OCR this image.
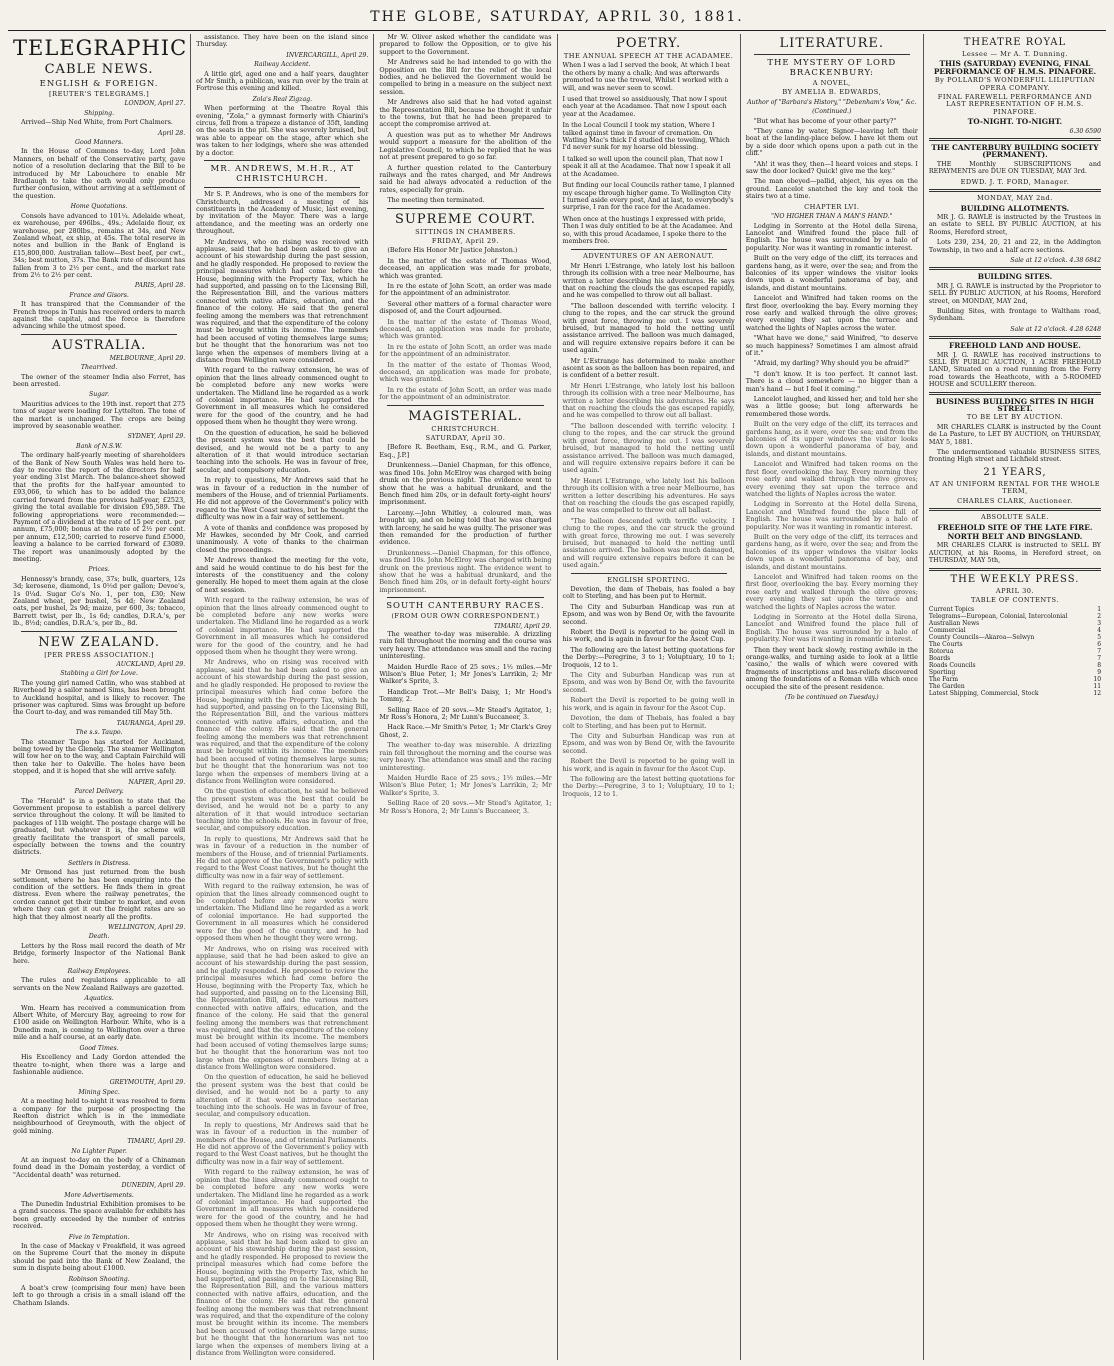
THE GLOBE, SATURDAY, APRIL 30, 1881.
TELEGRAPHIC
CABLE NEWS.
ENGLISH & FOREIGN.
[REUTER'S TELEGRAMS.]
LONDON, April 27.
Shipping.

Arrived—Ship Ned White, from Port Chalmers.

April 28.
Good Manners.

In the House of Commons to-day, Lord John Manners, on behalf of the Conservative party, gave notice of a resolution declaring that the Bill to be introduced by Mr Labouchere to enable Mr Bradlaugh to take the oath would only produce further confusion, without arriving at a settlement of the question.

Home Quotations.

Consols have advanced to 101¼. Adelaide wheat, ex warehouse, per 496lbs., 49s.; Adelaide flour, ex warehouse, per 280lbs., remains at 34s, and New Zealand wheat, ex ship, at 45s. The total reserve in notes and bullion in the Bank of England is £15,800,000. Australian tallow—Best beef, per cwt., 34s; best mutton, 37s. The Bank rate of discount has fallen from 3 to 2½ per cent., and the market rate from 2½ to 2½ per cent.

PARIS, April 28.
France and Gisors.

It has transpired that the Commander of the French troops in Tunis has received orders to march against the capital, and the force is therefore advancing while the utmost speed.

AUSTRALIA.
MELBOURNE, April 29.
Thearrived.

The owner of the steamer India also Ferret, has been arrested.

Sugar.

Mauritius advices to the 19th inst. report that 275 tons of sugar were loading for Lyttelton. The tone of the market is unchanged. The crops are being improved by seasonable weather.

SYDNEY, April 29.
Bank of N.S.W.

The ordinary half-yearly meeting of shareholders of the Bank of New South Wales was held here to-day to receive the report of the directors for half year ending 31st March. The balance-sheet showed that the profits for the half-year amounted to £93,066, to which has to be added the balance carried forward from the previous half-year, £2523, giving the total available for division £95,589. The following appropriations were recommended:—Payment of a dividend at the rate of 15 per cent. per annum, £75,000; bonus at the rate of 2½ per cent. per annum, £12,500; carried to reserve fund £5000, leaving a balance to be carried forward of £3089. The report was unanimously adopted by the meeting.

Prices.

Hennessy's brandy, case, 37s; bulk, quarters, 12s 3d; kerosene, diamond, 1s 0½d per gallon; Devoe's, 1s 0¼d. Sugar Co's No. 1, per ton, £30; New Zealand wheat, per bushel, 5s 4d; New Zealand oats, per bushel, 2s 9d; maize, per 600, 3s; tobacco, Barrett twist, per lb., 1s 6d; candles, D.R.A.'s, per lb., 8½d; candles, D.R.A.'s, per lb., 8d.

NEW ZEALAND.
[PER PRESS ASSOCIATION.]
AUCKLAND, April 29.
Stabbing a Girl for Love.

The young girl named Catlin, who was stabbed at Riverhead by a sailor named Sims, has been brought to Auckland hospital, and is likely to recover. The prisoner was captured. Sims was brought up before the Court to-day, and was remanded till May 5th.

TAURANGA, April 29.
The s.s. Taupo.

The steamer Taupo has started for Auckland, being towed by the Glenelg. The steamer Wellington will tow her on to the way, and Captain Fairchild will then take her to Oakville. The holes have been stopped, and it is hoped that she will arrive safely.

NAPIER, April 29.
Parcel Delivery.

The "Herald" is in a position to state that the Government propose to establish a parcel delivery service throughout the colony. It will be limited to packages of 11lb weight. The postage charge will be graduated, but whatever it is, the scheme will greatly facilitate the transport of small parcels, especially between the towns and the country districts.

Settlers in Distress.

Mr Ormond has just returned from the bush settlement, where he has been enquiring into the condition of the settlers. He finds them in great distress. Even where the railway penetrates, the cordon cannot get their timber to market, and even where they can get it out the freight rates are so high that they almost nearly all the profits.

WELLINGTON, April 29.
Death.

Letters by the Ross mail record the death of Mr Bridge, formerly Inspector of the National Bank here.

Railway Employees.

The rules and regulations applicable to all servants on the New Zealand Railways are gazetted.

Aquatics.

Wm. Hearn has received a communication from Albert White, of Mercury Bay, agreeing to row for £100 aside on Wellington Harbour. White, who is a Dunedin man, is coming to Wellington over a three mile and a half course, at an early date.

Good Times.

His Excellency and Lady Gordon attended the theatre to-night, when there was a large and fashionable audience.

GREYMOUTH, April 29.
Mining Spec.

At a meeting held to-night it was resolved to form a company for the purpose of prospecting the Reefton district which is in the immediate neighbourhood of Greymouth, with the object of gold mining.

TIMARU, April 29.
No Lighter Paper.

At an inquest to-day on the body of a Chinaman found dead in the Domain yesterday, a verdict of "Accidental death" was returned.

DUNEDIN, April 29.
More Advertisements.

The Dunedin Industrial Exhibition promises to be a grand success. The space available for exhibits has been greatly exceeded by the number of entries received.

Five in Temptation.

In the case of Mackay v Freakfield, it was agreed on the Supreme Court that the money in dispute should be paid into the Bank of New Zealand, the sum in dispute being about £1000.

Robinson Shooting.

A boat's crew (comprising four men) have been left to go through a crisis in a small island off the Chatham Islands.

assistance. They have been on the island since Thursday.

INVERCARGILL, April 29.
Railway Accident.

A little girl, aged one and a half years, daughter of Mr Smith, a publican, was run over by the train at Fortrose this evening and killed.

Zola's Real Zigzag.

When performing at the Theatre Royal this evening, "Zola," a gymnast formerly with Chiarini's circus, fell from a trapeze a distance of 35ft, landing on the seats in the pit. She was severely bruised, but was able to appear on the stage, after which she was taken to her lodgings, where she was attended by a doctor.

MR. ANDREWS, M.H.R., AT CHRISTCHURCH.

Mr S. P. Andrews, who is one of the members for Christchurch, addressed a meeting of his constituents in the Academy of Music, last evening, by invitation of the Mayor. There was a large attendance, and the meeting was an orderly one throughout.

Mr Andrews, who on rising was received with applause, said that he had been asked to give an account of his stewardship during the past session, and he gladly responded. He proposed to review the principal measures which had come before the House, beginning with the Property Tax, which he had supported, and passing on to the Licensing Bill, the Representation Bill, and the various matters connected with native affairs, education, and the finance of the colony. He said that the general feeling among the members was that retrenchment was required, and that the expenditure of the colony must be brought within its income. The members had been accused of voting themselves large sums; but he thought that the honorarium was not too large when the expenses of members living at a distance from Wellington were considered.

With regard to the railway extension, he was of opinion that the lines already commenced ought to be completed before any new works were undertaken. The Midland line he regarded as a work of colonial importance. He had supported the Government in all measures which he considered were for the good of the country, and he had opposed them when he thought they were wrong.

On the question of education, he said he believed the present system was the best that could be devised, and he would not be a party to any alteration of it that would introduce sectarian teaching into the schools. He was in favour of free, secular, and compulsory education.

In reply to questions, Mr Andrews said that he was in favour of a reduction in the number of members of the House, and of triennial Parliaments. He did not approve of the Government's policy with regard to the West Coast natives, but he thought the difficulty was now in a fair way of settlement.

A vote of thanks and confidence was proposed by Mr Hawkes, seconded by Mr Cook, and carried unanimously. A vote of thanks to the chairman closed the proceedings.

Mr Andrews thanked the meeting for the vote, and said he would continue to do his best for the interests of the constituency and the colony generally. He hoped to meet them again at the close of next session.

With regard to the railway extension, he was of opinion that the lines already commenced ought to be completed before any new works were undertaken. The Midland line he regarded as a work of colonial importance. He had supported the Government in all measures which he considered were for the good of the country, and he had opposed them when he thought they were wrong.

Mr Andrews, who on rising was received with applause, said that he had been asked to give an account of his stewardship during the past session, and he gladly responded. He proposed to review the principal measures which had come before the House, beginning with the Property Tax, which he had supported, and passing on to the Licensing Bill, the Representation Bill, and the various matters connected with native affairs, education, and the finance of the colony. He said that the general feeling among the members was that retrenchment was required, and that the expenditure of the colony must be brought within its income. The members had been accused of voting themselves large sums; but he thought that the honorarium was not too large when the expenses of members living at a distance from Wellington were considered.

On the question of education, he said he believed the present system was the best that could be devised, and he would not be a party to any alteration of it that would introduce sectarian teaching into the schools. He was in favour of free, secular, and compulsory education.

In reply to questions, Mr Andrews said that he was in favour of a reduction in the number of members of the House, and of triennial Parliaments. He did not approve of the Government's policy with regard to the West Coast natives, but he thought the difficulty was now in a fair way of settlement.

With regard to the railway extension, he was of opinion that the lines already commenced ought to be completed before any new works were undertaken. The Midland line he regarded as a work of colonial importance. He had supported the Government in all measures which he considered were for the good of the country, and he had opposed them when he thought they were wrong.

Mr Andrews, who on rising was received with applause, said that he had been asked to give an account of his stewardship during the past session, and he gladly responded. He proposed to review the principal measures which had come before the House, beginning with the Property Tax, which he had supported, and passing on to the Licensing Bill, the Representation Bill, and the various matters connected with native affairs, education, and the finance of the colony. He said that the general feeling among the members was that retrenchment was required, and that the expenditure of the colony must be brought within its income. The members had been accused of voting themselves large sums; but he thought that the honorarium was not too large when the expenses of members living at a distance from Wellington were considered.

On the question of education, he said he believed the present system was the best that could be devised, and he would not be a party to any alteration of it that would introduce sectarian teaching into the schools. He was in favour of free, secular, and compulsory education.

In reply to questions, Mr Andrews said that he was in favour of a reduction in the number of members of the House, and of triennial Parliaments. He did not approve of the Government's policy with regard to the West Coast natives, but he thought the difficulty was now in a fair way of settlement.

With regard to the railway extension, he was of opinion that the lines already commenced ought to be completed before any new works were undertaken. The Midland line he regarded as a work of colonial importance. He had supported the Government in all measures which he considered were for the good of the country, and he had opposed them when he thought they were wrong.

Mr Andrews, who on rising was received with applause, said that he had been asked to give an account of his stewardship during the past session, and he gladly responded. He proposed to review the principal measures which had come before the House, beginning with the Property Tax, which he had supported, and passing on to the Licensing Bill, the Representation Bill, and the various matters connected with native affairs, education, and the finance of the colony. He said that the general feeling among the members was that retrenchment was required, and that the expenditure of the colony must be brought within its income. The members had been accused of voting themselves large sums; but he thought that the honorarium was not too large when the expenses of members living at a distance from Wellington were considered.

Mr W. Oliver asked whether the candidate was prepared to follow the Opposition, or to give his support to the Government.

Mr Andrews said he had intended to go with the Opposition on the Bill for the relief of the local bodies, and he believed the Government would be compelled to bring in a measure on the subject next session.

Mr Andrews also said that he had voted against the Representation Bill, because he thought it unfair to the towns, but that he had been prepared to accept the compromise arrived at.

A question was put as to whether Mr Andrews would support a measure for the abolition of the Legislative Council, to which he replied that he was not at present prepared to go so far.

A further question related to the Canterbury railways and the rates charged, and Mr Andrews said he had always advocated a reduction of the rates, especially for grain.

The meeting then terminated.

SUPREME COURT.
SITTINGS IN CHAMBERS.
FRIDAY, April 29.

(Before His Honor Mr Justice Johnston.)

In the matter of the estate of Thomas Wood, deceased, an application was made for probate, which was granted.

In re the estate of John Scott, an order was made for the appointment of an administrator.

Several other matters of a formal character were disposed of, and the Court adjourned.

In the matter of the estate of Thomas Wood, deceased, an application was made for probate, which was granted.

In re the estate of John Scott, an order was made for the appointment of an administrator.

In the matter of the estate of Thomas Wood, deceased, an application was made for probate, which was granted.

In re the estate of John Scott, an order was made for the appointment of an administrator.

MAGISTERIAL.
CHRISTCHURCH.
SATURDAY, April 30.

[Before R. Beetham, Esq., R.M., and G. Parker, Esq., J.P.]

Drunkenness.—Daniel Chapman, for this offence, was fined 10s. John McElroy was charged with being drunk on the previous night. The evidence went to show that he was a habitual drunkard, and the Bench fined him 20s, or in default forty-eight hours' imprisonment.

Larceny.—John Whitley, a coloured man, was brought up, and on being told that he was charged with larceny, he said he was guilty. The prisoner was then remanded for the production of further evidence.

Drunkenness.—Daniel Chapman, for this offence, was fined 10s. John McElroy was charged with being drunk on the previous night. The evidence went to show that he was a habitual drunkard, and the Bench fined him 20s, or in default forty-eight hours' imprisonment.

SOUTH CANTERBURY RACES.
(FROM OUR OWN CORRESPONDENT.)
TIMARU, April 29.

The weather to-day was miserable. A drizzling rain fell throughout the morning and the course was very heavy. The attendance was small and the racing uninteresting.

Maiden Hurdle Race of 25 sovs.; 1½ miles.—Mr Wilson's Blue Peter, 1; Mr Jones's Larrikin, 2; Mr Walker's Sprite, 3.

Handicap Trot.—Mr Bell's Daisy, 1; Mr Hood's Tommy, 2.

Selling Race of 20 sovs.—Mr Stead's Agitator, 1; Mr Ross's Honora, 2; Mr Lunn's Buccaneer, 3.

Hack Race.—Mr Smith's Peter, 1; Mr Clark's Grey Ghost, 2.

The weather to-day was miserable. A drizzling rain fell throughout the morning and the course was very heavy. The attendance was small and the racing uninteresting.

Maiden Hurdle Race of 25 sovs.; 1½ miles.—Mr Wilson's Blue Peter, 1; Mr Jones's Larrikin, 2; Mr Walker's Sprite, 3.

Selling Race of 20 sovs.—Mr Stead's Agitator, 1; Mr Ross's Honora, 2; Mr Lunn's Buccaneer, 3.

POETRY.
THE ANNUAL SPEECH AT THE ACADAMEE.

When I was a lad I served the book, At which I beat the others by many a chalk; And was afterwards promoted to use the trowel, Whilst I worked with a will, and was never seen to scowl.

I used that trowel so assiduously, That now I spout each year at the Acadamee. That now I spout each year at the Acadamee.

In the Local Council I took my station, Where I talked against time in favour of cremation. On Watling Mac's thick I'd studied the toweling, Which I'd never sunk for my hoarse old blessing.

I talked so well upon the council plan, That now I speak it all at the Acadamee. That now I speak it all at the Acadamee.

But finding our local Councils rather tame, I planned my escape through higher game. To Wellington City I turned aside every post, And at last, to everybody's surprise, I ran for the race for the Acadamee.

When once at the hustings I expressed with pride, Then I was duly entitled to be at the Acadamee. And so, with this proud Acadamee, I spoke there to the members free.

ADVENTURES OF AN AERONAUT.

Mr Henri L'Estrange, who lately lost his balloon through its collision with a tree near Melbourne, has written a letter describing his adventures. He says that on reaching the clouds the gas escaped rapidly, and he was compelled to throw out all ballast.

"The balloon descended with terrific velocity. I clung to the ropes, and the car struck the ground with great force, throwing me out. I was severely bruised, but managed to hold the netting until assistance arrived. The balloon was much damaged, and will require extensive repairs before it can be used again."

Mr L'Estrange has determined to make another ascent as soon as the balloon has been repaired, and is confident of a better result.

Mr Henri L'Estrange, who lately lost his balloon through its collision with a tree near Melbourne, has written a letter describing his adventures. He says that on reaching the clouds the gas escaped rapidly, and he was compelled to throw out all ballast.

"The balloon descended with terrific velocity. I clung to the ropes, and the car struck the ground with great force, throwing me out. I was severely bruised, but managed to hold the netting until assistance arrived. The balloon was much damaged, and will require extensive repairs before it can be used again."

Mr Henri L'Estrange, who lately lost his balloon through its collision with a tree near Melbourne, has written a letter describing his adventures. He says that on reaching the clouds the gas escaped rapidly, and he was compelled to throw out all ballast.

"The balloon descended with terrific velocity. I clung to the ropes, and the car struck the ground with great force, throwing me out. I was severely bruised, but managed to hold the netting until assistance arrived. The balloon was much damaged, and will require extensive repairs before it can be used again."

ENGLISH SPORTING.

Devotion, the dam of Thebais, has foaled a bay colt to Sterling, and has been put to Hermit.

The City and Suburban Handicap was run at Epsom, and was won by Bend Or, with the favourite second.

Robert the Devil is reported to be going well in his work, and is again in favour for the Ascot Cup.

The following are the latest betting quotations for the Derby:—Peregrine, 3 to 1; Voluptuary, 10 to 1; Iroquois, 12 to 1.

The City and Suburban Handicap was run at Epsom, and was won by Bend Or, with the favourite second.

Robert the Devil is reported to be going well in his work, and is again in favour for the Ascot Cup.

Devotion, the dam of Thebais, has foaled a bay colt to Sterling, and has been put to Hermit.

The City and Suburban Handicap was run at Epsom, and was won by Bend Or, with the favourite second.

Robert the Devil is reported to be going well in his work, and is again in favour for the Ascot Cup.

The following are the latest betting quotations for the Derby:—Peregrine, 3 to 1; Voluptuary, 10 to 1; Iroquois, 12 to 1.

LITERATURE.
THE MYSTERY OF LORD BRACKENBURY:
A NOVEL,
BY AMELIA B. EDWARDS,
Author of "Barbara's History," "Debenham's Vow," &c.
(Continued.)

"But what has become of your other party?"

"They came by water, Signor—leaving left their boat at the landing-place below. I have let them out by a side door which opens upon a path cut in the cliff."

"Ah! it was they, then—I heard voices and steps. I saw the door locked? Quick! give me the key."

The man obeyed—pallid, abject, his eyes on the ground. Lancelot snatched the key and took the stairs two at a time.

CHAPTER LVI.
"NO HIGHER THAN A MAN'S HAND."

Lodging in Sorrento at the Hotel della Sirena, Lancelot and Winifred found the place full of English. The house was surrounded by a halo of popularity. Nor was it wanting in romantic interest.

Built on the very edge of the cliff, its terraces and gardens hang, as it were, over the sea; and from the balconies of its upper windows the visitor looks down upon a wonderful panorama of bay, and islands, and distant mountains.

Lancelot and Winifred had taken rooms on the first floor, overlooking the bay. Every morning they rose early and walked through the olive groves; every evening they sat upon the terrace and watched the lights of Naples across the water.

"What have we done," said Winifred, "to deserve so much happiness? Sometimes I am almost afraid of it."

"Afraid, my darling? Why should you be afraid?"

"I don't know. It is too perfect. It cannot last. There is a cloud somewhere — no bigger than a man's hand — but I feel it coming."

Lancelot laughed, and kissed her, and told her she was a little goose; but long afterwards he remembered those words.

Built on the very edge of the cliff, its terraces and gardens hang, as it were, over the sea; and from the balconies of its upper windows the visitor looks down upon a wonderful panorama of bay, and islands, and distant mountains.

Lancelot and Winifred had taken rooms on the first floor, overlooking the bay. Every morning they rose early and walked through the olive groves; every evening they sat upon the terrace and watched the lights of Naples across the water.

Lodging in Sorrento at the Hotel della Sirena, Lancelot and Winifred found the place full of English. The house was surrounded by a halo of popularity. Nor was it wanting in romantic interest.

Built on the very edge of the cliff, its terraces and gardens hang, as it were, over the sea; and from the balconies of its upper windows the visitor looks down upon a wonderful panorama of bay, and islands, and distant mountains.

Lancelot and Winifred had taken rooms on the first floor, overlooking the bay. Every morning they rose early and walked through the olive groves; every evening they sat upon the terrace and watched the lights of Naples across the water.

Lodging in Sorrento at the Hotel della Sirena, Lancelot and Winifred found the place full of English. The house was surrounded by a halo of popularity. Nor was it wanting in romantic interest.

Then they went back slowly, resting awhile in the orange-walks, and turning aside to look at a little 'casino,' the walls of which were covered with fragments of inscriptions and bas-reliefs discovered among the foundations of a Roman villa which once occupied the site of the present residence.

(To be continued on Tuesday.)
THEATRE ROYAL
Lessee — Mr A. T. Dunning.
THIS (SATURDAY) EVENING, FINAL PERFORMANCE OF H.M.S. PINAFORE.
By POLLARD'S WONDERFUL LILIPUTIAN OPERA COMPANY.
FINAL FAREWELL PERFORMANCE AND LAST REPRESENTATION OF H.M.S. PINAFORE.
TO-NIGHT. TO-NIGHT.
6.30 6590
THE CANTERBURY BUILDING SOCIETY (PERMANENT).

THE Monthly SUBSCRIPTIONS and REPAYMENTS are DUE ON TUESDAY, MAY 3rd.

EDWD. J. T. FORD, Manager.
MONDAY, MAY 2nd.
BUILDING ALLOTMENTS.

MR J. G. RAWLE is instructed by the Trustees in an estate to SELL BY PUBLIC AUCTION, at his Rooms, Hereford street,

Lots 239, 234, 20, 21 and 22, in the Addington Township, in two and a half acre sections.

Sale at 12 o'clock. 4.38 6842
BUILDING SITES.

MR J. G. RAWLE is instructed by the Proprietor to SELL BY PUBLIC AUCTION, at his Rooms, Hereford street, on MONDAY, MAY 2nd,

Building Sites, with frontage to Waltham road, Sydenham.

Sale at 12 o'clock. 4.28 6248
FREEHOLD LAND AND HOUSE.

MR J. G. RAWLE has received instructions to SELL BY PUBLIC AUCTION, 1 ACRE FREEHOLD LAND, Situated on a road running from the Ferry road towards the Heathcote, with a 5-ROOMED HOUSE and SCULLERY thereon.

BUSINESS BUILDING SITES IN HIGH STREET.
TO BE LET BY AUCTION.

MR CHARLES CLARK is instructed by the Count de La Pasture, to LET BY AUCTION, on THURSDAY, MAY 5, 1881.

The undermentioned valuable BUSINESS SITES, fronting High street and Lichfield street.

21 YEARS,
AT AN UNIFORM RENTAL FOR THE WHOLE TERM,
CHARLES CLARK, Auctioneer.
ABSOLUTE SALE.
FREEHOLD SITE OF THE LATE FIRE.
NORTH BELT AND BINGSLAND.

MR CHARLES CLARK is instructed to SELL BY AUCTION, at his Rooms, in Hereford street, on THURSDAY, MAY 5th,

THE WEEKLY PRESS.
APRIL 30.
TABLE OF CONTENTS.
Current Topics	1
Telegrams—European, Colonial, Intercolonial	2
Australian News	3
Commercial	4
County Councils—Akaroa—Selwyn	5
The Courts	6
Rotorua	7
Boards	7
Roads Councils	8
Sporting	9
The Farm	10
The Garden	11
Latest Shipping, Commercial, Stock	12
